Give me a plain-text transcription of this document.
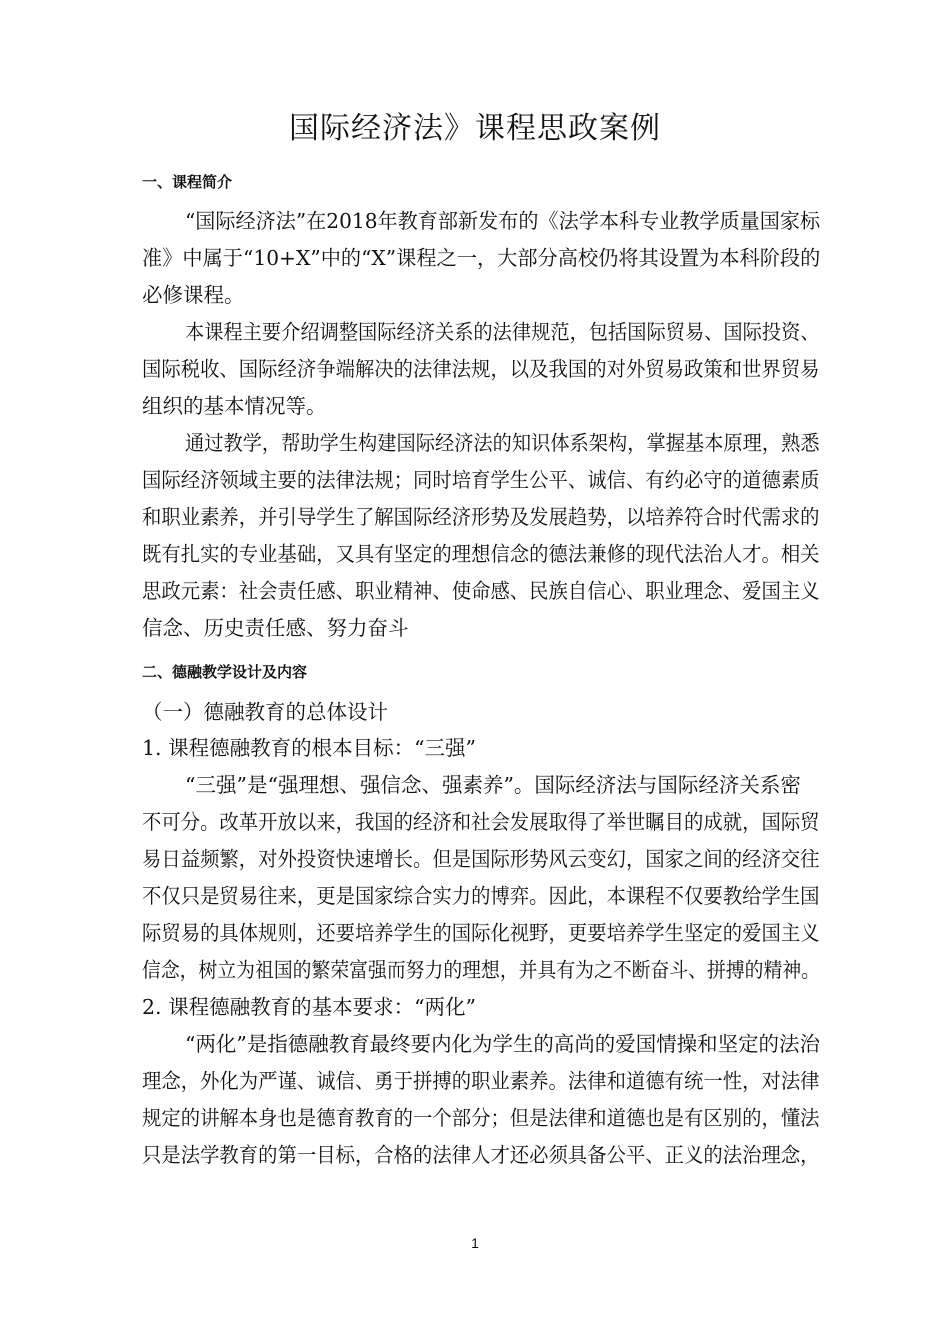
国际经济法》课程思政案例
一、课程简介
“国际经济法”在2018年教育部新发布的《法学本科专业教学质量国家标
准》中属于“10+X”中的“X”课程之一，大部分高校仍将其设置为本科阶段的
必修课程。
本课程主要介绍调整国际经济关系的法律规范，包括国际贸易、国际投资、
国际税收、国际经济争端解决的法律法规，以及我国的对外贸易政策和世界贸易
组织的基本情况等。
通过教学，帮助学生构建国际经济法的知识体系架构，掌握基本原理，熟悉
国际经济领域主要的法律法规；同时培育学生公平、诚信、有约必守的道德素质
和职业素养，并引导学生了解国际经济形势及发展趋势，以培养符合时代需求的
既有扎实的专业基础，又具有坚定的理想信念的德法兼修的现代法治人才。相关
思政元素：社会责任感、职业精神、使命感、民族自信心、职业理念、爱国主义
信念、历史责任感、努力奋斗
二、德融教学设计及内容
（一）德融教育的总体设计
1. 课程德融教育的根本目标：“三强”
“三强”是“强理想、强信念、强素养”。国际经济法与国际经济关系密
不可分。改革开放以来，我国的经济和社会发展取得了举世瞩目的成就，国际贸
易日益频繁，对外投资快速增长。但是国际形势风云变幻，国家之间的经济交往
不仅只是贸易往来，更是国家综合实力的博弈。因此，本课程不仅要教给学生国
际贸易的具体规则，还要培养学生的国际化视野，更要培养学生坚定的爱国主义
信念，树立为祖国的繁荣富强而努力的理想，并具有为之不断奋斗、拼搏的精神。
2. 课程德融教育的基本要求：“两化”
“两化”是指德融教育最终要内化为学生的高尚的爱国情操和坚定的法治
理念，外化为严谨、诚信、勇于拼搏的职业素养。法律和道德有统一性，对法律
规定的讲解本身也是德育教育的一个部分；但是法律和道德也是有区别的，懂法
只是法学教育的第一目标，合格的法律人才还必须具备公平、正义的法治理念，
1
